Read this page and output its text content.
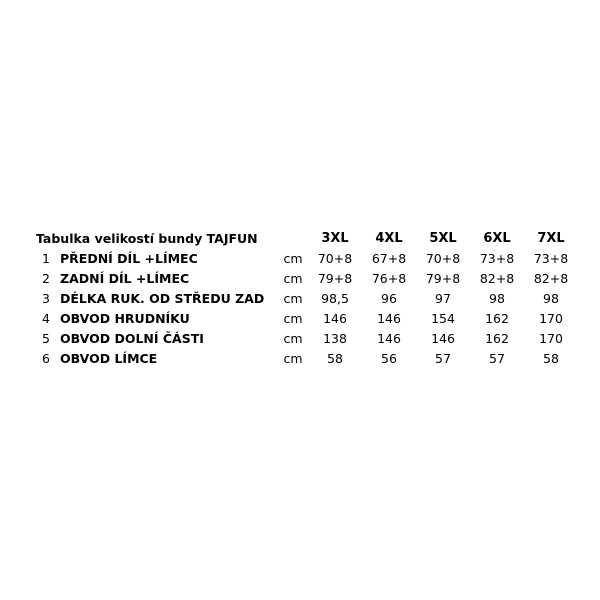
Tabulka velikostí bundy TAJFUN			3XL	4XL	5XL	6XL	7XL
1	PŘEDNÍ DÍL +LÍMEC	cm	70+8	67+8	70+8	73+8	73+8
2	ZADNÍ DÍL +LÍMEC	cm	79+8	76+8	79+8	82+8	82+8
3	DÉLKA RUK. OD STŘEDU ZAD	cm	98,5	96	97	98	98
4	OBVOD HRUDNÍKU	cm	146	146	154	162	170
5	OBVOD DOLNÍ ČÁSTI	cm	138	146	146	162	170
6	OBVOD LÍMCE	cm	58	56	57	57	58
